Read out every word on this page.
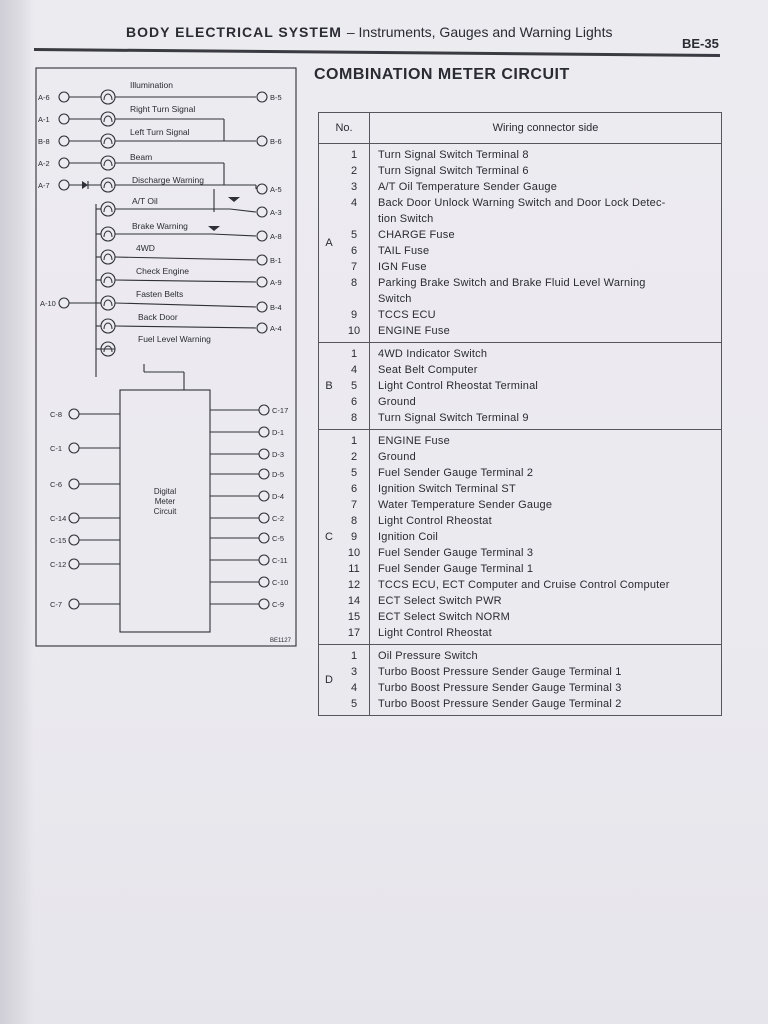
BODY ELECTRICAL SYSTEM – Instruments, Gauges and Warning Lights
BE-35
COMBINATION METER CIRCUIT
Illumination
Right Turn Signal
Left Turn Signal
Beam
Discharge Warning
A/T Oil
Brake Warning
4WD
Check Engine
Fasten Belts
Back Door
Fuel Level Warning
A-6
A-1
B-8
A-2
A-7
A-10
B-5
B-6
A-5
A-3
A-8
B-1
A-9
B-4
A-4
Digital
Meter
Circuit
C-8
C-1
C-6
C-14
C-15
C-12
C-7
C-17
D-1
D-3
D-5
D-4
C-2
C-5
C-11
C-10
C-9
BE1127
No.		Wiring connector side
A	1	Turn Signal Switch Terminal 8
	2	Turn Signal Switch Terminal 6
	3	A/T Oil Temperature Sender Gauge
	4	Back Door Unlock Warning Switch and Door Lock Detec-
		tion Switch
	5	CHARGE Fuse
	6	TAIL Fuse
	7	IGN Fuse
	8	Parking Brake Switch and Brake Fluid Level Warning
		Switch
	9	TCCS ECU
	10	ENGINE Fuse
B	1	4WD Indicator Switch
	4	Seat Belt Computer
	5	Light Control Rheostat Terminal
	6	Ground
	8	Turn Signal Switch Terminal 9
C	1	ENGINE Fuse
	2	Ground
	5	Fuel Sender Gauge Terminal 2
	6	Ignition Switch Terminal ST
	7	Water Temperature Sender Gauge
	8	Light Control Rheostat
	9	Ignition Coil
	10	Fuel Sender Gauge Terminal 3
	11	Fuel Sender Gauge Terminal 1
	12	TCCS ECU, ECT Computer and Cruise Control Computer
	14	ECT Select Switch PWR
	15	ECT Select Switch NORM
	17	Light Control Rheostat
D	1	Oil Pressure Switch
	3	Turbo Boost Pressure Sender Gauge Terminal 1
	4	Turbo Boost Pressure Sender Gauge Terminal 3
	5	Turbo Boost Pressure Sender Gauge Terminal 2
